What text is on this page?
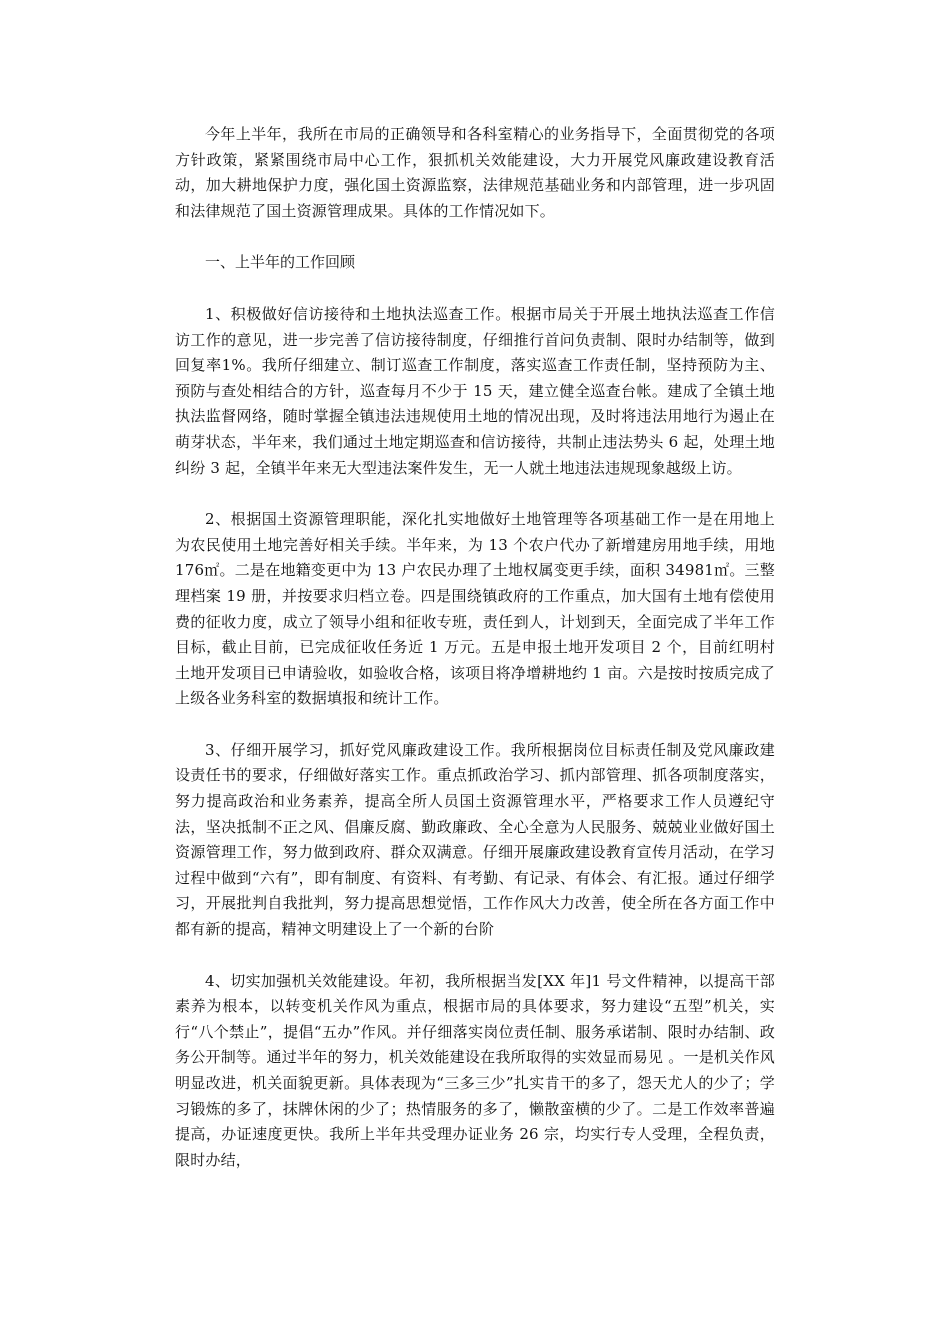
今年上半年，我所在市局的正确领导和各科室精心的业务指导下，全面贯彻党的各项方针政策，紧紧围绕市局中心工作，狠抓机关效能建设，大力开展党风廉政建设教育活动，加大耕地保护力度，强化国土资源监察，法律规范基础业务和内部管理，进一步巩固和法律规范了国土资源管理成果。具体的工作情况如下。

一、上半年的工作回顾

1、积极做好信访接待和土地执法巡查工作。根据市局关于开展土地执法巡查工作信访工作的意见，进一步完善了信访接待制度，仔细推行首问负责制、限时办结制等，做到回复率1%。我所仔细建立、制订巡查工作制度，落实巡查工作责任制，坚持预防为主、预防与查处相结合的方针，巡查每月不少于 15 天，建立健全巡查台帐。建成了全镇土地执法监督网络，随时掌握全镇违法违规使用土地的情况出现，及时将违法用地行为遏止在萌芽状态，半年来，我们通过土地定期巡查和信访接待，共制止违法势头 6 起，处理土地纠纷 3 起，全镇半年来无大型违法案件发生，无一人就土地违法违规现象越级上访。

2、根据国土资源管理职能，深化扎实地做好土地管理等各项基础工作一是在用地上为农民使用土地完善好相关手续。半年来，为 13 个农户代办了新增建房用地手续，用地 176㎡。二是在地籍变更中为 13 户农民办理了土地权属变更手续，面积 34981㎡。三整理档案 19 册，并按要求归档立卷。四是围绕镇政府的工作重点，加大国有土地有偿使用费的征收力度，成立了领导小组和征收专班，责任到人，计划到天，全面完成了半年工作目标，截止目前，已完成征收任务近 1 万元。五是申报土地开发项目 2 个，目前红明村土地开发项目已申请验收，如验收合格，该项目将净增耕地约 1 亩。六是按时按质完成了上级各业务科室的数据填报和统计工作。

3、仔细开展学习，抓好党风廉政建设工作。我所根据岗位目标责任制及党风廉政建设责任书的要求，仔细做好落实工作。重点抓政治学习、抓内部管理、抓各项制度落实，努力提高政治和业务素养，提高全所人员国土资源管理水平，严格要求工作人员遵纪守法，坚决抵制不正之风、倡廉反腐、勤政廉政、全心全意为人民服务、兢兢业业做好国土资源管理工作，努力做到政府、群众双满意。仔细开展廉政建设教育宣传月活动，在学习过程中做到“六有”，即有制度、有资料、有考勤、有记录、有体会、有汇报。通过仔细学习，开展批判自我批判，努力提高思想觉悟，工作作风大力改善，使全所在各方面工作中都有新的提高，精神文明建设上了一个新的台阶

4、切实加强机关效能建设。年初，我所根据当发[XX 年]1 号文件精神，以提高干部素养为根本，以转变机关作风为重点，根据市局的具体要求，努力建设“五型”机关，实行“八个禁止”，提倡“五办”作风。并仔细落实岗位责任制、服务承诺制、限时办结制、政务公开制等。通过半年的努力，机关效能建设在我所取得的实效显而易见 。一是机关作风明显改进，机关面貌更新。具体表现为“三多三少”扎实肯干的多了，怨天尤人的少了；学习锻炼的多了，抹牌休闲的少了；热情服务的多了，懒散蛮横的少了。二是工作效率普遍提高，办证速度更快。我所上半年共受理办证业务 26 宗，均实行专人受理，全程负责，限时办结，
